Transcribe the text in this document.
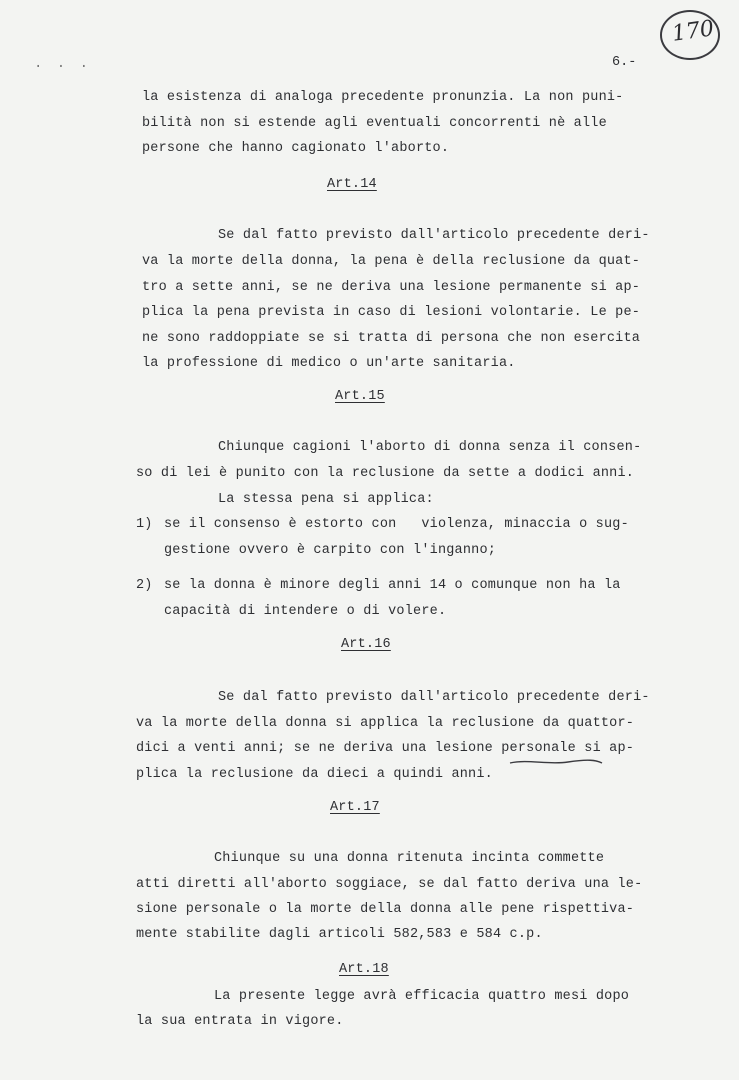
. . .	6.-
170
la esistenza di analoga precedente pronunzia. La non puni-
bilità non si estende agli eventuali concorrenti nè alle
persone che hanno cagionato l'aborto.
Art.14
Se dal fatto previsto dall'articolo precedente deri-
va la morte della donna, la pena è della reclusione da quat-
tro a sette anni, se ne deriva una lesione permanente si ap-
plica la pena prevista in caso di lesioni volontarie. Le pe-
ne sono raddoppiate se si tratta di persona che non esercita
la professione di medico o un'arte sanitaria.
Art.15
Chiunque cagioni l'aborto di donna senza il consen-
so di lei è punito con la reclusione da sette a dodici anni.
La stessa pena si applica:
1) se il consenso è estorto con   violenza, minaccia o sug-
gestione ovvero è carpito con l'inganno;
2) se la donna è minore degli anni 14 o comunque non ha la
capacità di intendere o di volere.
Art.16
Se dal fatto previsto dall'articolo precedente deri-
va la morte della donna si applica la reclusione da quattor-
dici a venti anni; se ne deriva una lesione personale si ap-
plica la reclusione da dieci a quindi anni.
Art.17
Chiunque su una donna ritenuta incinta commette
atti diretti all'aborto soggiace, se dal fatto deriva una le-
sione personale o la morte della donna alle pene rispettiva-
mente stabilite dagli articoli 582,583 e 584 c.p.
Art.18
La presente legge avrà efficacia quattro mesi dopo
la sua entrata in vigore.
